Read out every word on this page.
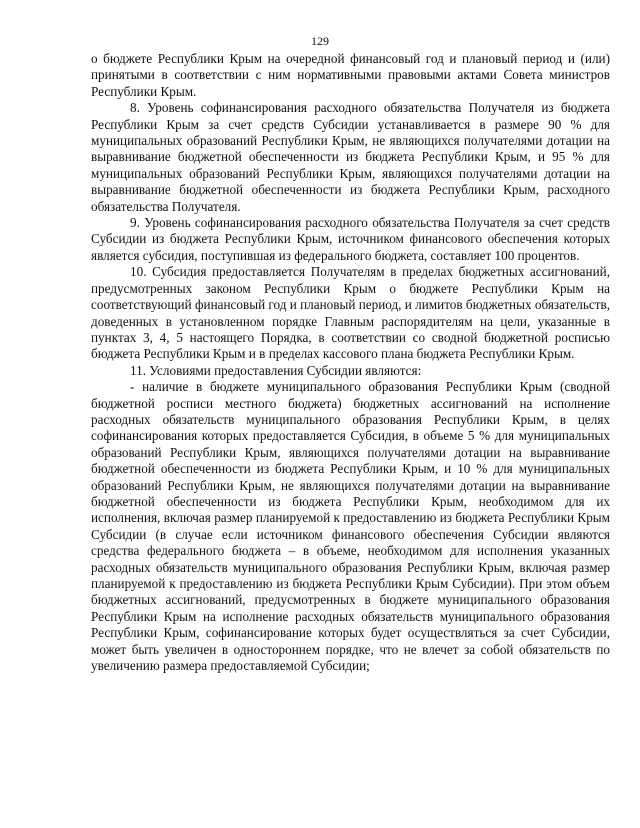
129

о бюджете Республики Крым на очередной финансовый год и плановый период и (или) принятыми в соответствии с ним нормативными правовыми актами Совета министров Республики Крым.

8. Уровень софинансирования расходного обязательства Получателя из бюджета Республики Крым за счет средств Субсидии устанавливается в размере 90 % для муниципальных образований Республики Крым, не являющихся получателями дотации на выравнивание бюджетной обеспеченности из бюджета Республики Крым, и 95 % для муниципальных образований Республики Крым, являющихся получателями дотации на выравнивание бюджетной обеспеченности из бюджета Республики Крым, расходного обязательства Получателя.

9. Уровень софинансирования расходного обязательства Получателя за счет средств Субсидии из бюджета Республики Крым, источником финансового обеспечения которых является субсидия, поступившая из федерального бюджета, составляет 100 процентов.

10. Субсидия предоставляется Получателям в пределах бюджетных ассигнований, предусмотренных законом Республики Крым о бюджете Республики Крым на соответствующий финансовый год и плановый период, и лимитов бюджетных обязательств, доведенных в установленном порядке Главным распорядителям на цели, указанные в пунктах 3, 4, 5 настоящего Порядка, в соответствии со сводной бюджетной росписью бюджета Республики Крым и в пределах кассового плана бюджета Республики Крым.

11. Условиями предоставления Субсидии являются:

- наличие в бюджете муниципального образования Республики Крым (сводной бюджетной росписи местного бюджета) бюджетных ассигнований на исполнение расходных обязательств муниципального образования Республики Крым, в целях софинансирования которых предоставляется Субсидия, в объеме 5 % для муниципальных образований Республики Крым, являющихся получателями дотации на выравнивание бюджетной обеспеченности из бюджета Республики Крым, и 10 % для муниципальных образований Республики Крым, не являющихся получателями дотации на выравнивание бюджетной обеспеченности из бюджета Республики Крым, необходимом для их исполнения, включая размер планируемой к предоставлению из бюджета Республики Крым Субсидии (в случае если источником финансового обеспечения Субсидии являются средства федерального бюджета – в объеме, необходимом для исполнения указанных расходных обязательств муниципального образования Республики Крым, включая размер планируемой к предоставлению из бюджета Республики Крым Субсидии). При этом объем бюджетных ассигнований, предусмотренных в бюджете муниципального образования Республики Крым на исполнение расходных обязательств муниципального образования Республики Крым, софинансирование которых будет осуществляться за счет Субсидии, может быть увеличен в одностороннем порядке, что не влечет за собой обязательств по увеличению размера предоставляемой Субсидии;
